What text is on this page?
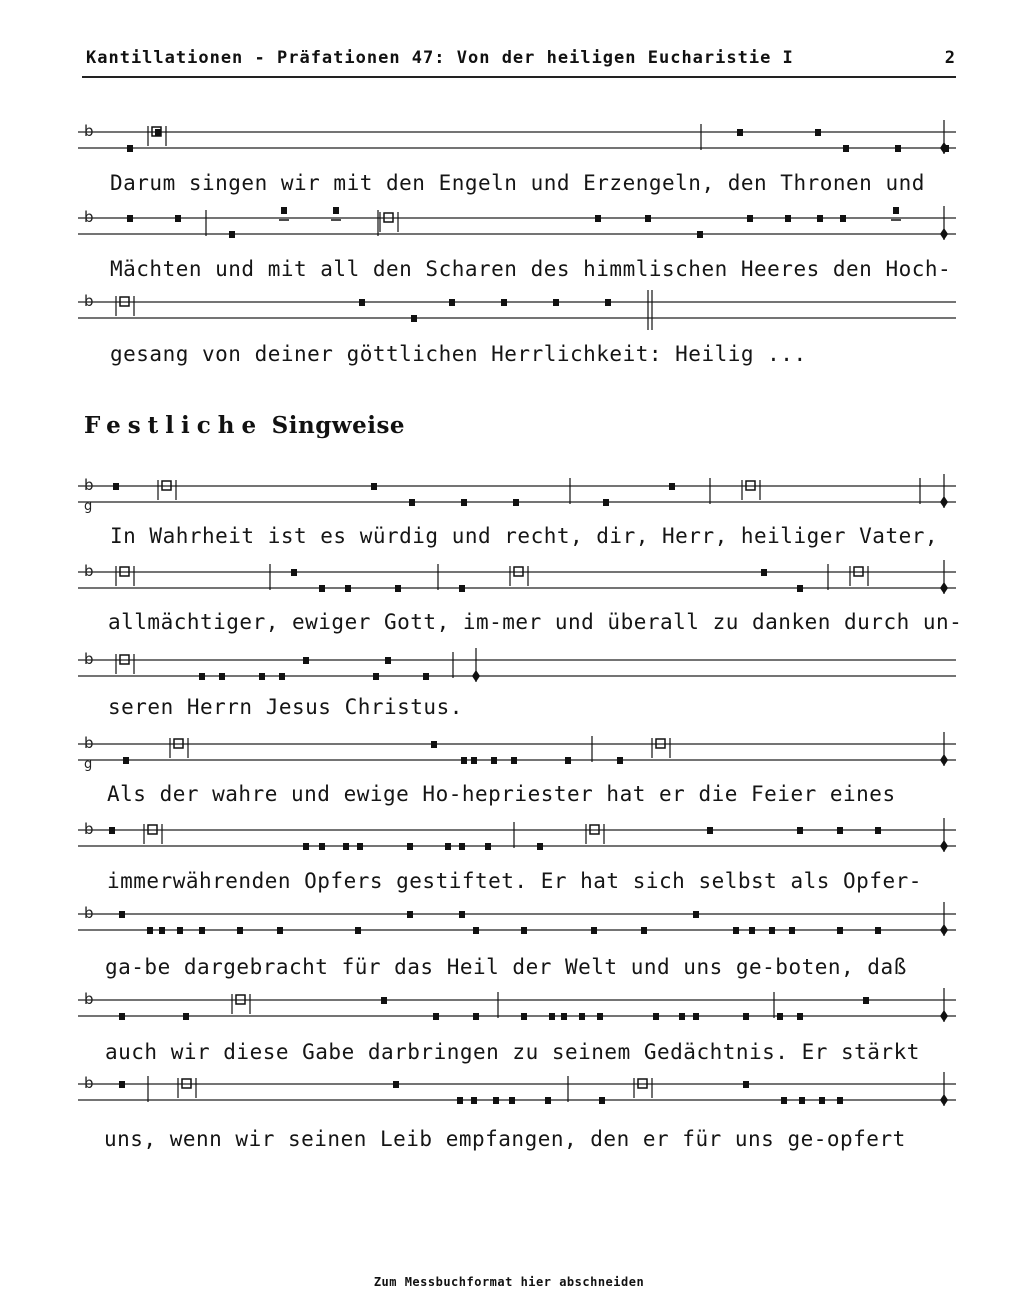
Kantillationen - Präfationen 47: Von der heiligen Eucharistie I	2
b
b
b
b
g
b
b
b
g
b
b
b
b
Darum singen wir mit den Engeln und Erzengeln, den Thronen und
Mächten und mit all den Scharen des himmlischen Heeres den Hoch-
gesang von deiner göttlichen Herrlichkeit: Heilig ...
Festliche Singweise
In Wahrheit ist es würdig und recht, dir, Herr, heiliger Vater,
allmächtiger, ewiger Gott, im-mer und überall zu danken durch un-
seren Herrn Jesus Christus.
Als der wahre und ewige Ho-hepriester hat er die Feier eines
immerwährenden Opfers gestiftet. Er hat sich selbst als Opfer-
ga-be dargebracht für das Heil der Welt und uns ge-boten, daß
auch wir diese Gabe darbringen zu seinem Gedächtnis. Er stärkt
uns, wenn wir seinen Leib empfangen, den er für uns ge-opfert
Zum Messbuchformat hier abschneiden
